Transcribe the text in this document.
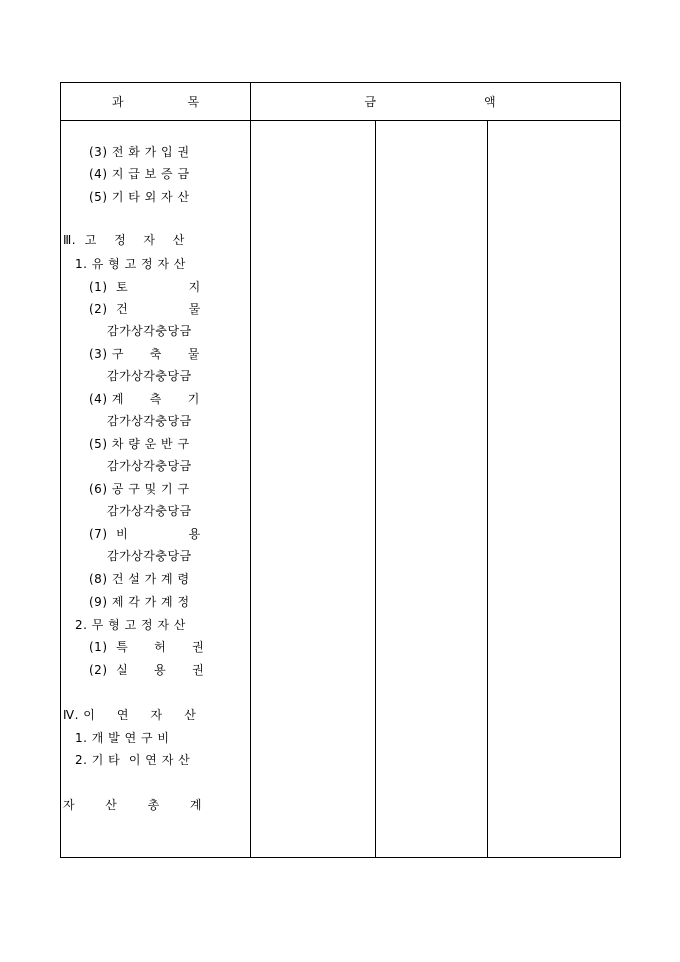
과	목	금	액
(3) 전 화 가 입 권
(4) 지 급 보 증 금
(5) 기 타 외 자 산
Ⅲ.  고    정    자    산
1. 유 형 고 정 자 산
(1)  토              지
(2)  건              물
감가상각충당금
(3) 구      축      물
감가상각충당금
(4) 계      측      기
감가상각충당금
(5) 차 량 운 반 구
감가상각충당금
(6) 공 구 및 기 구
감가상각충당금
(7)  비              용
감가상각충당금
(8) 건 설 가 계 령
(9) 제 각 가 계 정
2. 무 형 고 정 자 산
(1)  특      허      권
(2)  실      용      권
Ⅳ. 이     연     자     산
1. 개 발 연 구 비
2. 기 타  이 연 자 산
자       산       총       계
